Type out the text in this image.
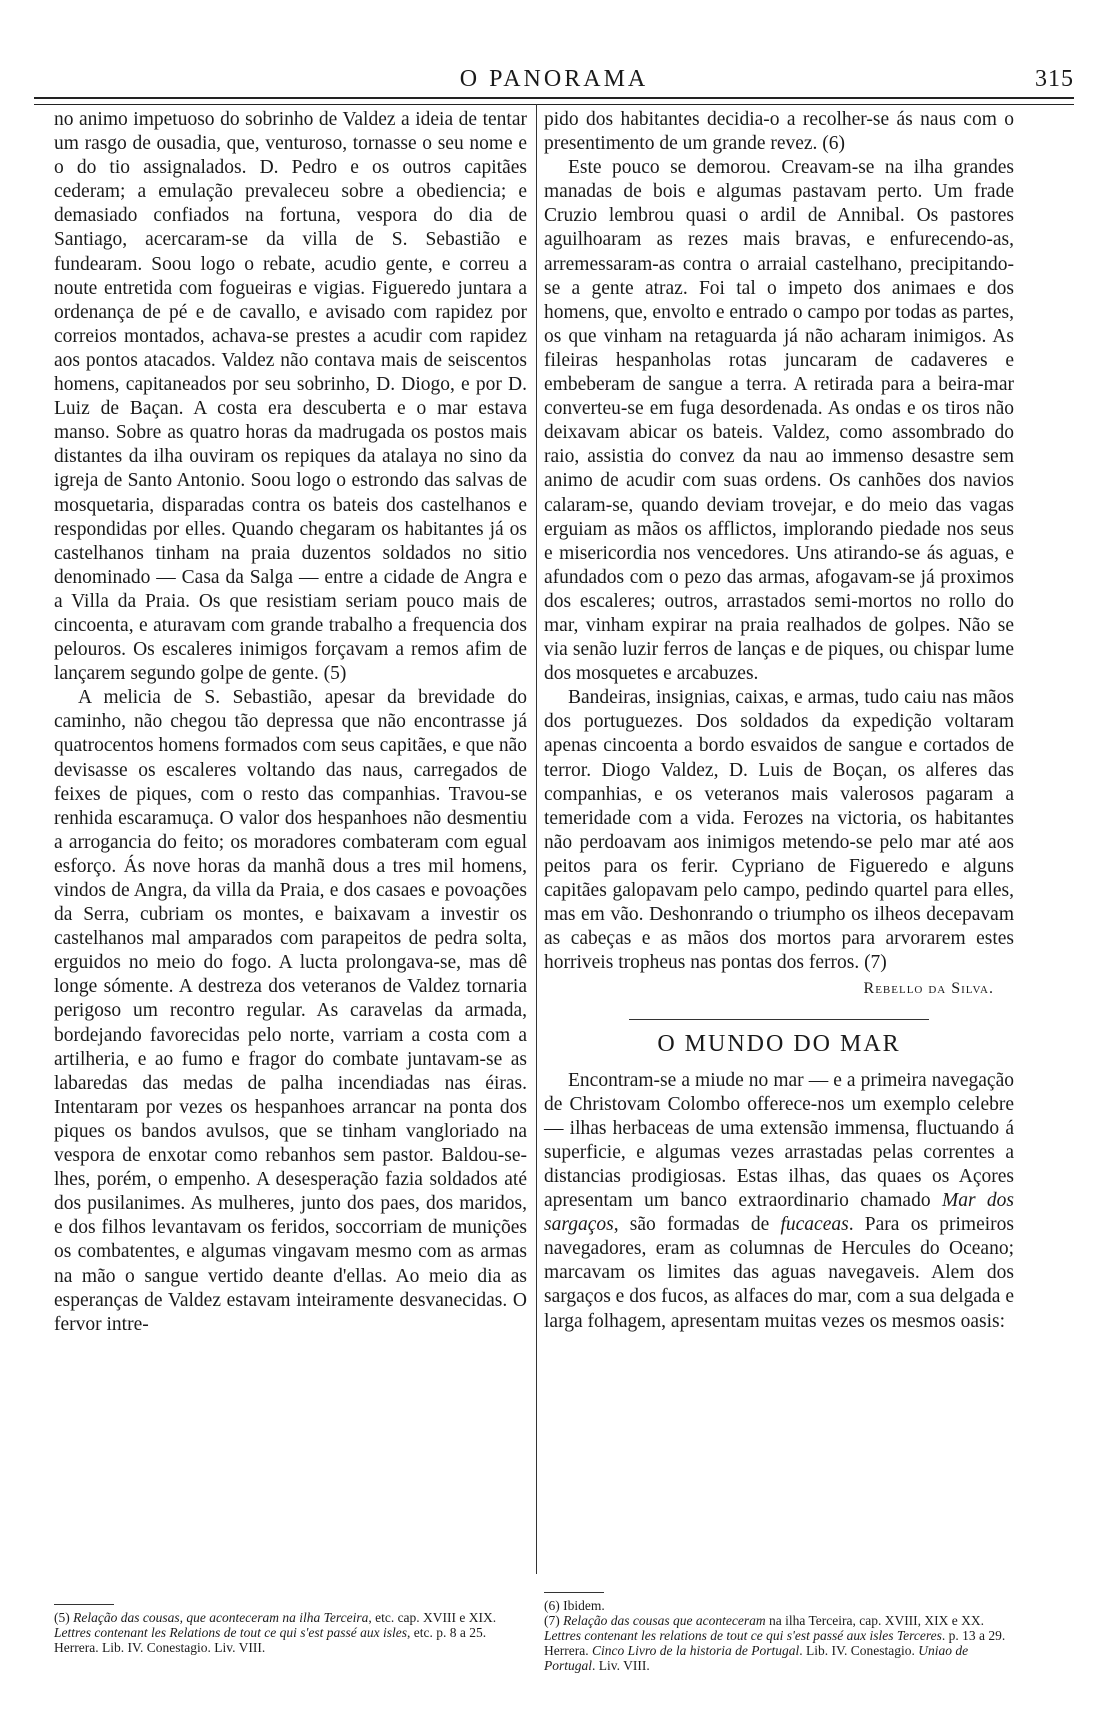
O PANORAMA	315

no animo impetuoso do sobrinho de Valdez a ideia de tentar um rasgo de ousadia, que, venturoso, tornasse o seu nome e o do tio assignalados. D. Pedro e os outros capitães cederam; a emulação prevaleceu sobre a obediencia; e demasiado confiados na fortuna, vespora do dia de Santiago, acercaram-se da villa de S. Sebastião e fundearam. Soou logo o rebate, acudio gente, e correu a noute entretida com fogueiras e vigias. Figueredo juntara a ordenança de pé e de cavallo, e avisado com rapidez por correios montados, achava-se prestes a acudir com rapidez aos pontos atacados. Valdez não contava mais de seiscentos homens, capitaneados por seu sobrinho, D. Diogo, e por D. Luiz de Baçan. A costa era descuberta e o mar estava manso. Sobre as quatro horas da madrugada os postos mais distantes da ilha ouviram os repiques da atalaya no sino da igreja de Santo Antonio. Soou logo o estrondo das salvas de mosquetaria, disparadas contra os bateis dos castelhanos e respondidas por elles. Quando chegaram os habitantes já os castelhanos tinham na praia duzentos soldados no sitio denominado — Casa da Salga — entre a cidade de Angra e a Villa da Praia. Os que resistiam seriam pouco mais de cincoenta, e aturavam com grande trabalho a frequencia dos pelouros. Os escaleres inimigos forçavam a remos afim de lançarem segundo golpe de gente. (5)

A melicia de S. Sebastião, apesar da brevidade do caminho, não chegou tão depressa que não encontrasse já quatrocentos homens formados com seus capitães, e que não devisasse os escaleres voltando das naus, carregados de feixes de piques, com o resto das companhias. Travou-se renhida escaramuça. O valor dos hespanhoes não desmentiu a arrogancia do feito; os moradores combateram com egual esforço. Ás nove horas da manhã dous a tres mil homens, vindos de Angra, da villa da Praia, e dos casaes e povoações da Serra, cubriam os montes, e baixavam a investir os castelhanos mal amparados com parapeitos de pedra solta, erguidos no meio do fogo. A lucta prolongava-se, mas dê longe sómente. A destreza dos veteranos de Valdez tornaria perigoso um recontro regular. As caravelas da armada, bordejando favorecidas pelo norte, varriam a costa com a artilheria, e ao fumo e fragor do combate juntavam-se as labaredas das medas de palha incendiadas nas éiras. Intentaram por vezes os hespanhoes arrancar na ponta dos piques os bandos avulsos, que se tinham vangloriado na vespora de enxotar como rebanhos sem pastor. Baldou-se-lhes, porém, o empenho. A desesperação fazia soldados até dos pusilanimes. As mulheres, junto dos paes, dos maridos, e dos filhos levantavam os feridos, soccorriam de munições os combatentes, e algumas vingavam mesmo com as armas na mão o sangue vertido deante d'ellas. Ao meio dia as esperanças de Valdez estavam inteiramente desvanecidas. O fervor intre-

pido dos habitantes decidia-o a recolher-se ás naus com o presentimento de um grande revez. (6)

Este pouco se demorou. Creavam-se na ilha grandes manadas de bois e algumas pastavam perto. Um frade Cruzio lembrou quasi o ardil de Annibal. Os pastores aguilhoaram as rezes mais bravas, e enfurecendo-as, arremessaram-as contra o arraial castelhano, precipitando-se a gente atraz. Foi tal o impeto dos animaes e dos homens, que, envolto e entrado o campo por todas as partes, os que vinham na retaguarda já não acharam inimigos. As fileiras hespanholas rotas juncaram de cadaveres e embeberam de sangue a terra. A retirada para a beira-mar converteu-se em fuga desordenada. As ondas e os tiros não deixavam abicar os bateis. Valdez, como assombrado do raio, assistia do convez da nau ao immenso desastre sem animo de acudir com suas ordens. Os canhões dos navios calaram-se, quando deviam trovejar, e do meio das vagas erguiam as mãos os afflictos, implorando piedade nos seus e misericordia nos vencedores. Uns atirando-se ás aguas, e afundados com o pezo das armas, afogavam-se já proximos dos escaleres; outros, arrastados semi-mortos no rollo do mar, vinham expirar na praia realhados de golpes. Não se via senão luzir ferros de lanças e de piques, ou chispar lume dos mosquetes e arcabuzes.

Bandeiras, insignias, caixas, e armas, tudo caiu nas mãos dos portuguezes. Dos soldados da expedição voltaram apenas cincoenta a bordo esvaidos de sangue e cortados de terror. Diogo Valdez, D. Luis de Boçan, os alferes das companhias, e os veteranos mais valerosos pagaram a temeridade com a vida. Ferozes na victoria, os habitantes não perdoavam aos inimigos metendo-se pelo mar até aos peitos para os ferir. Cypriano de Figueredo e alguns capitães galopavam pelo campo, pedindo quartel para elles, mas em vão. Deshonrando o triumpho os ilheos decepavam as cabeças e as mãos dos mortos para arvorarem estes horriveis tropheus nas pontas dos ferros. (7)

Rebello da Silva.
O MUNDO DO MAR

Encontram-se a miude no mar — e a primeira navegação de Christovam Colombo offerece-nos um exemplo celebre — ilhas herbaceas de uma extensão immensa, fluctuando á superficie, e algumas vezes arrastadas pelas correntes a distancias prodigiosas. Estas ilhas, das quaes os Açores apresentam um banco extraordinario chamado Mar dos sargaços, são formadas de fucaceas. Para os primeiros navegadores, eram as columnas de Hercules do Oceano; marcavam os limites das aguas navegaveis. Alem dos sargaços e dos fucos, as alfaces do mar, com a sua delgada e larga folhagem, apresentam muitas vezes os mesmos oasis:

(5) Relação das cousas, que aconteceram na ilha Terceira, etc. cap. XVIII e XIX. Lettres contenant les Relations de tout ce qui s'est passé aux isles, etc. p. 8 a 25. Herrera. Lib. IV. Conestagio. Liv. VIII.
(6) Ibidem.
(7) Relação das cousas que aconteceram na ilha Terceira, cap. XVIII, XIX e XX. Lettres contenant les relations de tout ce qui s'est passé aux isles Terceres. p. 13 a 29. Herrera. Cinco Livro de la historia de Portugal. Lib. IV. Conestagio. Uniao de Portugal. Liv. VIII.
